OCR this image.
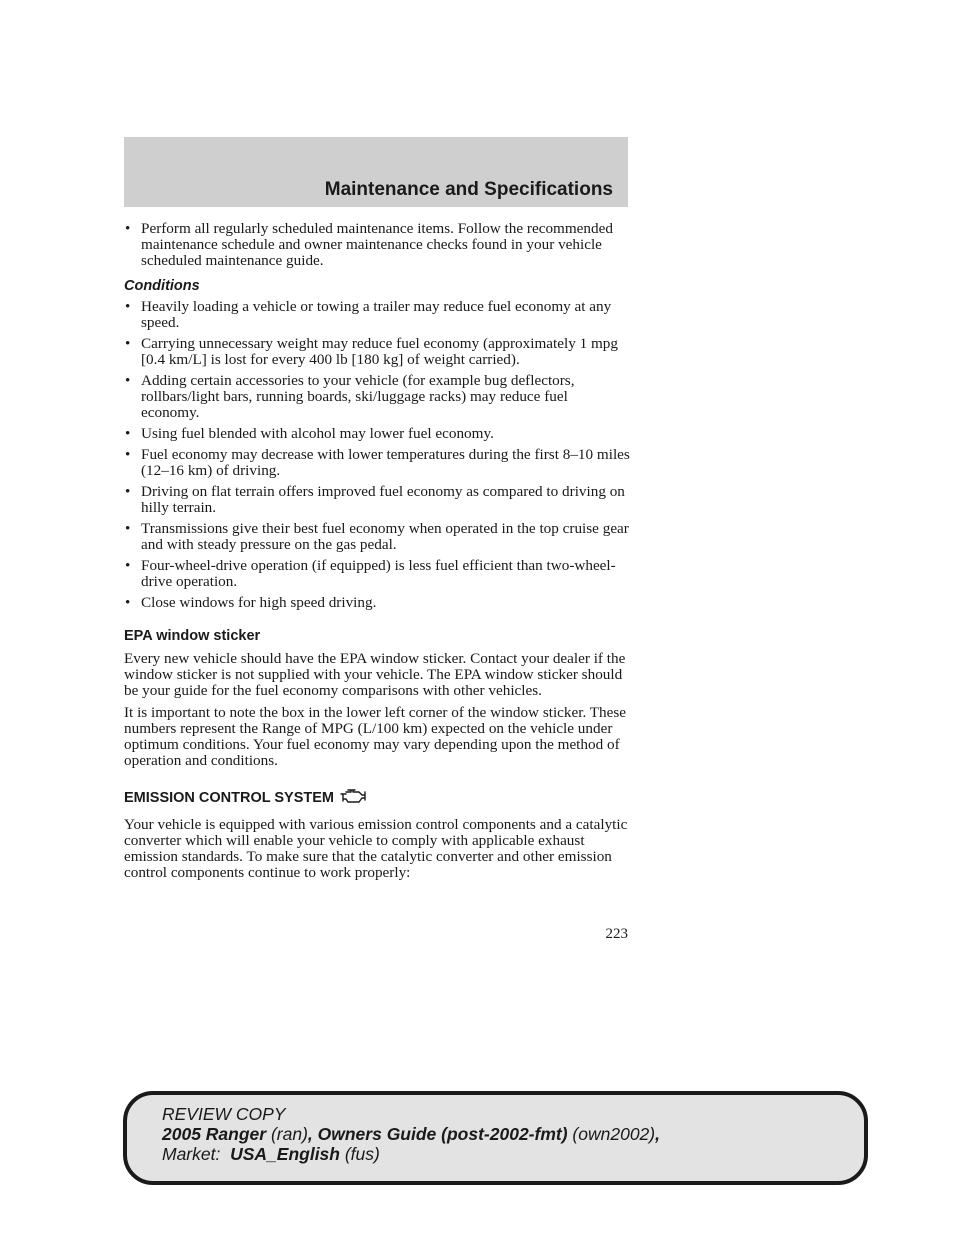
Maintenance and Specifications
• Perform all regularly scheduled maintenance items. Follow the recommended maintenance schedule and owner maintenance checks found in your vehicle scheduled maintenance guide.
Conditions
• Heavily loading a vehicle or towing a trailer may reduce fuel economy at any speed.
• Carrying unnecessary weight may reduce fuel economy (approximately 1 mpg [0.4 km/L] is lost for every 400 lb [180 kg] of weight carried).
• Adding certain accessories to your vehicle (for example bug deflectors, rollbars/light bars, running boards, ski/luggage racks) may reduce fuel economy.
• Using fuel blended with alcohol may lower fuel economy.
• Fuel economy may decrease with lower temperatures during the first 8–10 miles (12–16 km) of driving.
• Driving on flat terrain offers improved fuel economy as compared to driving on hilly terrain.
• Transmissions give their best fuel economy when operated in the top cruise gear and with steady pressure on the gas pedal.
• Four-wheel-drive operation (if equipped) is less fuel efficient than two-wheel-drive operation.
• Close windows for high speed driving.
EPA window sticker

Every new vehicle should have the EPA window sticker. Contact your dealer if the window sticker is not supplied with your vehicle. The EPA window sticker should be your guide for the fuel economy comparisons with other vehicles.

It is important to note the box in the lower left corner of the window sticker. These numbers represent the Range of MPG (L/100 km) expected on the vehicle under optimum conditions. Your fuel economy may vary depending upon the method of operation and conditions.

EMISSION CONTROL SYSTEM

Your vehicle is equipped with various emission control components and a catalytic converter which will enable your vehicle to comply with applicable exhaust emission standards. To make sure that the catalytic converter and other emission control components continue to work properly:

223
REVIEW COPY
2005 Ranger (ran), Owners Guide (post-2002-fmt) (own2002),
Market: USA_English (fus)
